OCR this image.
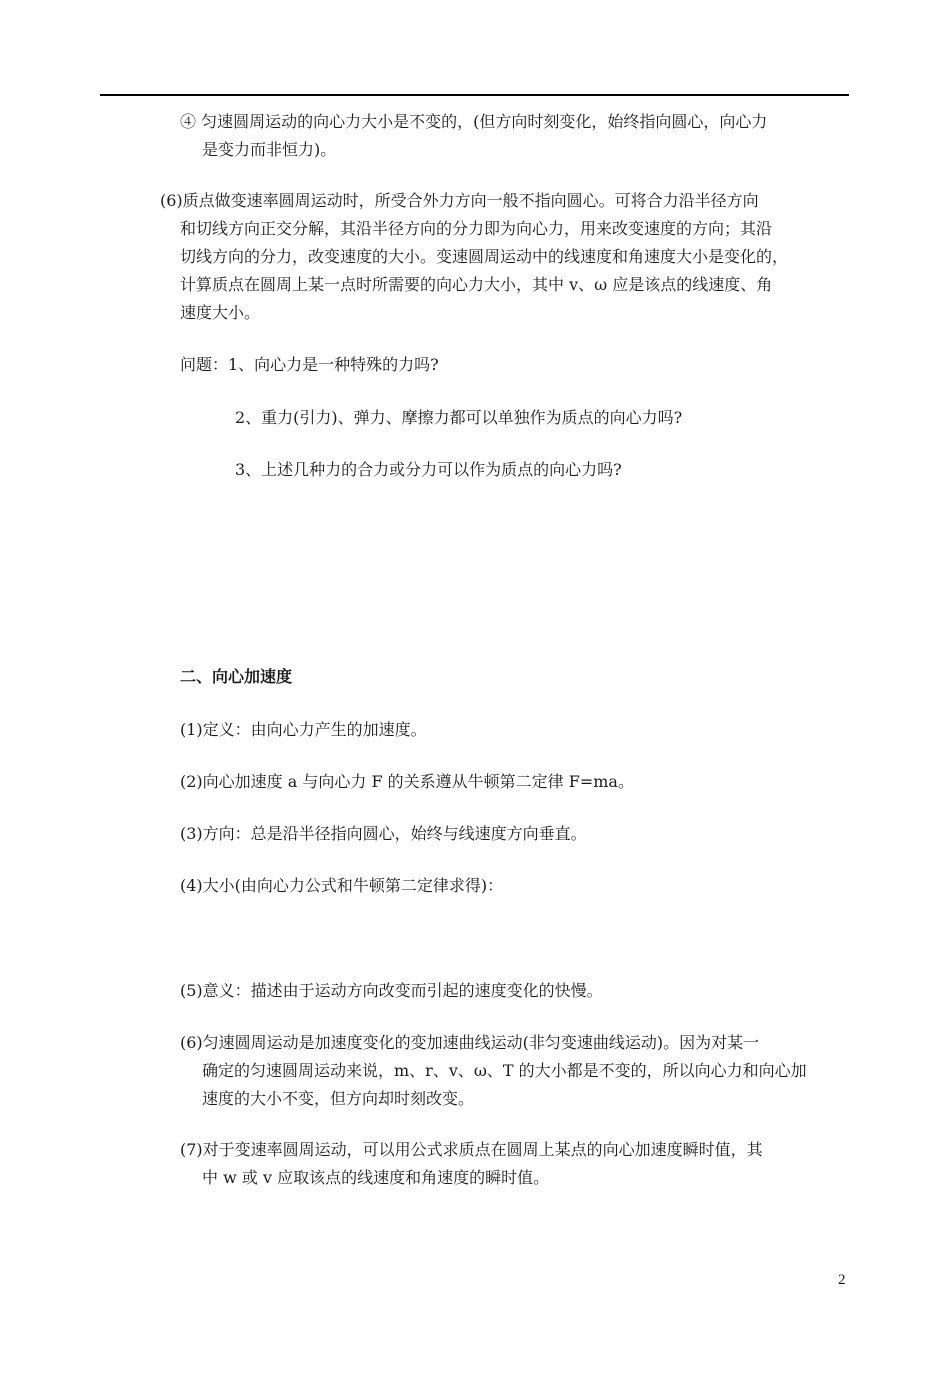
④ 匀速圆周运动的向心力大小是不变的，(但方向时刻变化，始终指向圆心，向心力
是变力而非恒力)。
(6)质点做变速率圆周运动时，所受合外力方向一般不指向圆心。可将合力沿半径方向
和切线方向正交分解，其沿半径方向的分力即为向心力，用来改变速度的方向；其沿
切线方向的分力，改变速度的大小。变速圆周运动中的线速度和角速度大小是变化的，
计算质点在圆周上某一点时所需要的向心力大小，其中 v、ω 应是该点的线速度、角
速度大小。
问题：1、向心力是一种特殊的力吗?
2、重力(引力)、弹力、摩擦力都可以单独作为质点的向心力吗?
3、上述几种力的合力或分力可以作为质点的向心力吗?
二、向心加速度
(1)定义：由向心力产生的加速度。
(2)向心加速度 a 与向心力 F 的关系遵从牛顿第二定律 F=ma。
(3)方向：总是沿半径指向圆心，始终与线速度方向垂直。
(4)大小(由向心力公式和牛顿第二定律求得)：
(5)意义：描述由于运动方向改变而引起的速度变化的快慢。
(6)匀速圆周运动是加速度变化的变加速曲线运动(非匀变速曲线运动)。因为对某一
确定的匀速圆周运动来说，m、r、v、ω、T 的大小都是不变的，所以向心力和向心加
速度的大小不变，但方向却时刻改变。
(7)对于变速率圆周运动，可以用公式求质点在圆周上某点的向心加速度瞬时值，其
中 w 或 v 应取该点的线速度和角速度的瞬时值。
2
